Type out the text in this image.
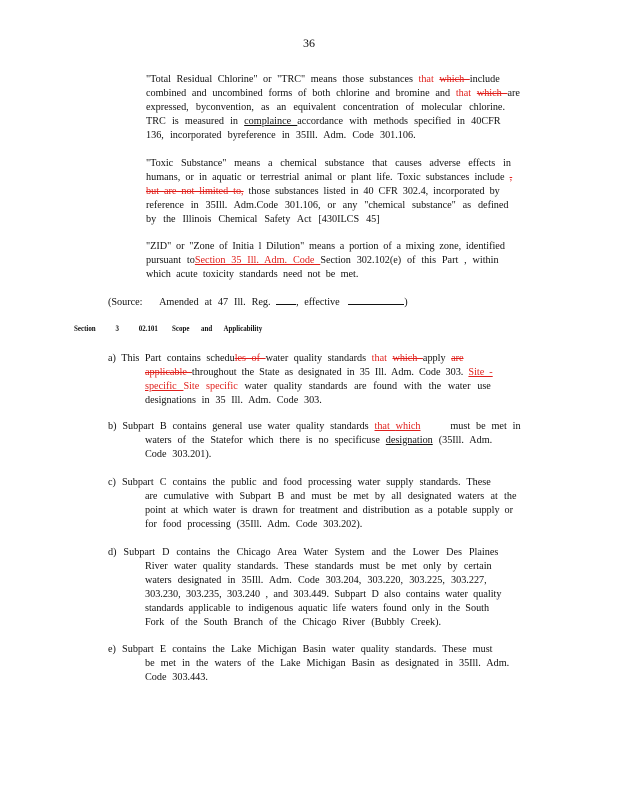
36
"Total Residual Chlorine" or "TRC" means those substances that which include
combined and uncombined forms of both chlorine and bromine and that which are
expressed, byconvention, as an equivalent concentration of molecular chlorine.
TRC is measured in complaince accordance with methods specified in 40CFR
136, incorporated byreference in 35Ill. Adm. Code 301.106.
"Toxic Substance" means a chemical substance that causes adverse effects in
humans, or in aquatic or terrestrial animal or plant life. Toxic substances include ,
but are not limited to, those substances listed in 40 CFR 302.4, incorporated by
reference in 35Ill. Adm.Code 301.106, or any "chemical substance" as defined
by the Illinois Chemical Safety Act [430ILCS 45]
"ZID" or "Zone of Initia l Dilution" means a portion of a mixing zone, identified
pursuant toSection 35 Ill. Adm. Code Section 302.102(e) of this Part , within
which acute toxicity standards need not be met.
(Source: Amended at 47 Ill. Reg.	, effective	)
Section 3 02.101 Scope and Applicability
a) This Part contains schedules of water quality standards that which apply are
applicable throughout the State as designated in 35 Ill. Adm. Code 303. Site -
specific Site specific water quality standards are found with the water use
designations in 35 Ill. Adm. Code 303.
b) Subpart B contains general use water quality standards that which must be met in
waters of the Statefor which there is no specificuse designation (35Ill. Adm.
Code 303.201).
c) Subpart C contains the public and food processing water supply standards. These
are cumulative with Subpart B and must be met by all designated waters at the
point at which water is drawn for treatment and distribution as a potable supply or
for food processing (35Ill. Adm. Code 303.202).
d) Subpart D contains the Chicago Area Water System and the Lower Des Plaines
River water quality standards. These standards must be met only by certain
waters designated in 35Ill. Adm. Code 303.204, 303.220, 303.225, 303.227,
303.230, 303.235, 303.240 , and 303.449. Subpart D also contains water quality
standards applicable to indigenous aquatic life waters found only in the South
Fork of the South Branch of the Chicago River (Bubbly Creek).
e) Subpart E contains the Lake Michigan Basin water quality standards. These must
be met in the waters of the Lake Michigan Basin as designated in 35Ill. Adm.
Code 303.443.
